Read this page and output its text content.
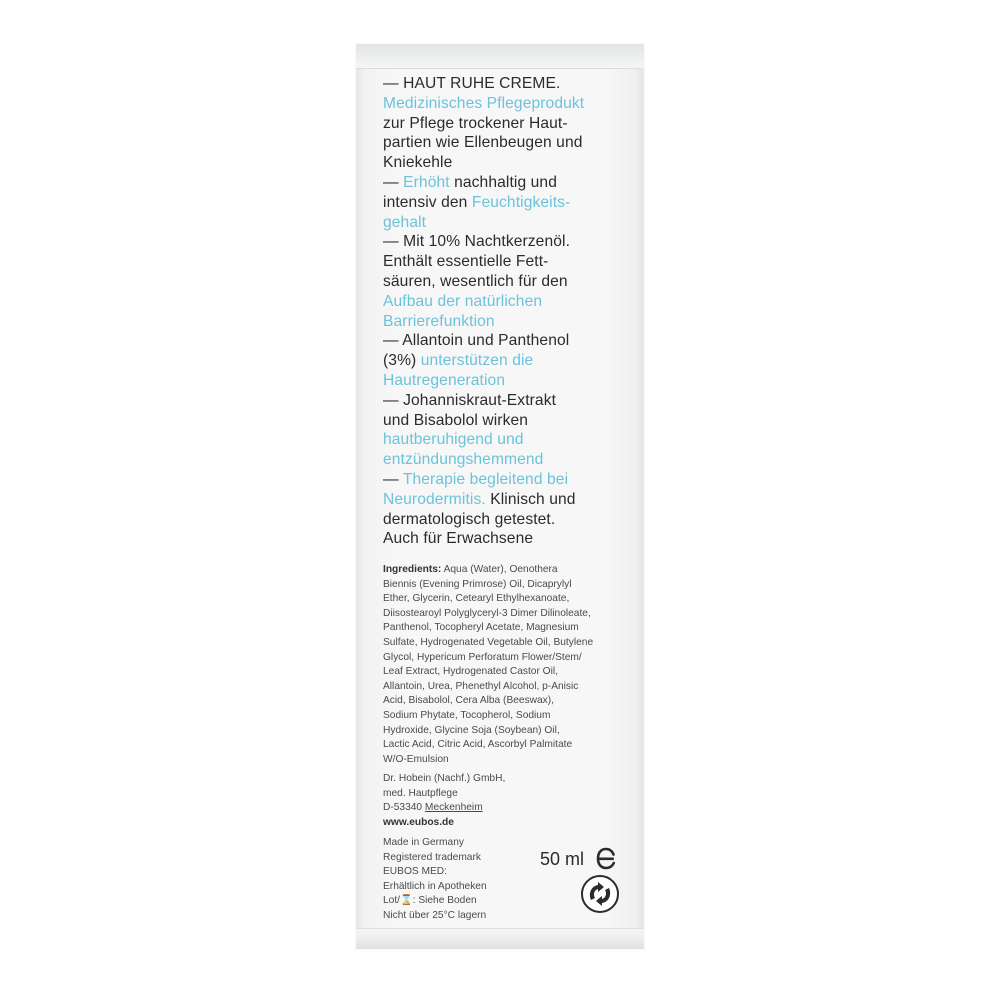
— HAUT RUHE CREME.
Medizinisches Pflegeprodukt
zur Pflege trockener Haut-
partien wie Ellenbeugen und
Kniekehle
— Erhöht nachhaltig und
intensiv den Feuchtigkeits-
gehalt
— Mit 10% Nachtkerzenöl.
Enthält essentielle Fett-
säuren, wesentlich für den
Aufbau der natürlichen
Barrierefunktion
— Allantoin und Panthenol
(3%) unterstützen die
Hautregeneration
— Johanniskraut-Extrakt
und Bisabolol wirken
hautberuhigend und
entzündungshemmend
— Therapie begleitend bei
Neurodermitis. Klinisch und
dermatologisch getestet.
Auch für Erwachsene
Ingredients: Aqua (Water), Oenothera
Biennis (Evening Primrose) Oil, Dicaprylyl
Ether, Glycerin, Cetearyl Ethylhexanoate,
Diisostearoyl Polyglyceryl-3 Dimer Dilinoleate,
Panthenol, Tocopheryl Acetate, Magnesium
Sulfate, Hydrogenated Vegetable Oil, Butylene
Glycol, Hypericum Perforatum Flower/Stem/
Leaf Extract, Hydrogenated Castor Oil,
Allantoin, Urea, Phenethyl Alcohol, p-Anisic
Acid, Bisabolol, Cera Alba (Beeswax),
Sodium Phytate, Tocopherol, Sodium
Hydroxide, Glycine Soja (Soybean) Oil,
Lactic Acid, Citric Acid, Ascorbyl Palmitate
W/O-Emulsion
Dr. Hobein (Nachf.) GmbH,
med. Hautpflege
D-53340 Meckenheim
www.eubos.de
Made in Germany
Registered trademark
EUBOS MED:
Erhältlich in Apotheken
Lot/⌛: Siehe Boden
Nicht über 25°C lagern
50 ml
